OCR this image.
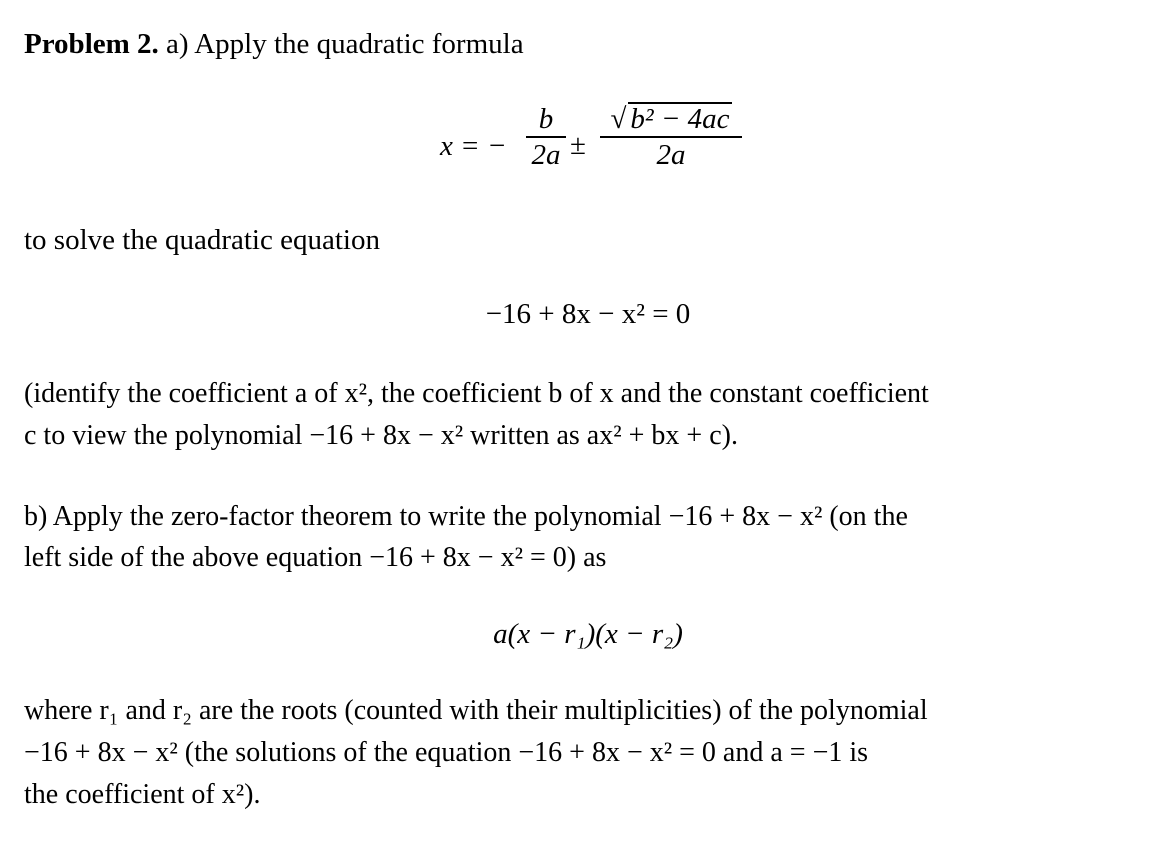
Problem 2. a) Apply the quadratic formula
x = −
b
2a ±
√ b² − 4ac
2a
to solve the quadratic equation
−16 + 8x − x² = 0
(identify the coefficient a of x², the coefficient b of x and the constant coefficient
c to view the polynomial −16 + 8x − x² written as ax² + bx + c).
b) Apply the zero-factor theorem to write the polynomial −16 + 8x − x² (on the
left side of the above equation −16 + 8x − x² = 0) as
a(x − r₁)(x − r₂)
where r₁ and r₂ are the roots (counted with their multiplicities) of the polynomial
−16 + 8x − x² (the solutions of the equation −16 + 8x − x² = 0 and a = −1 is
the coefficient of x²).
